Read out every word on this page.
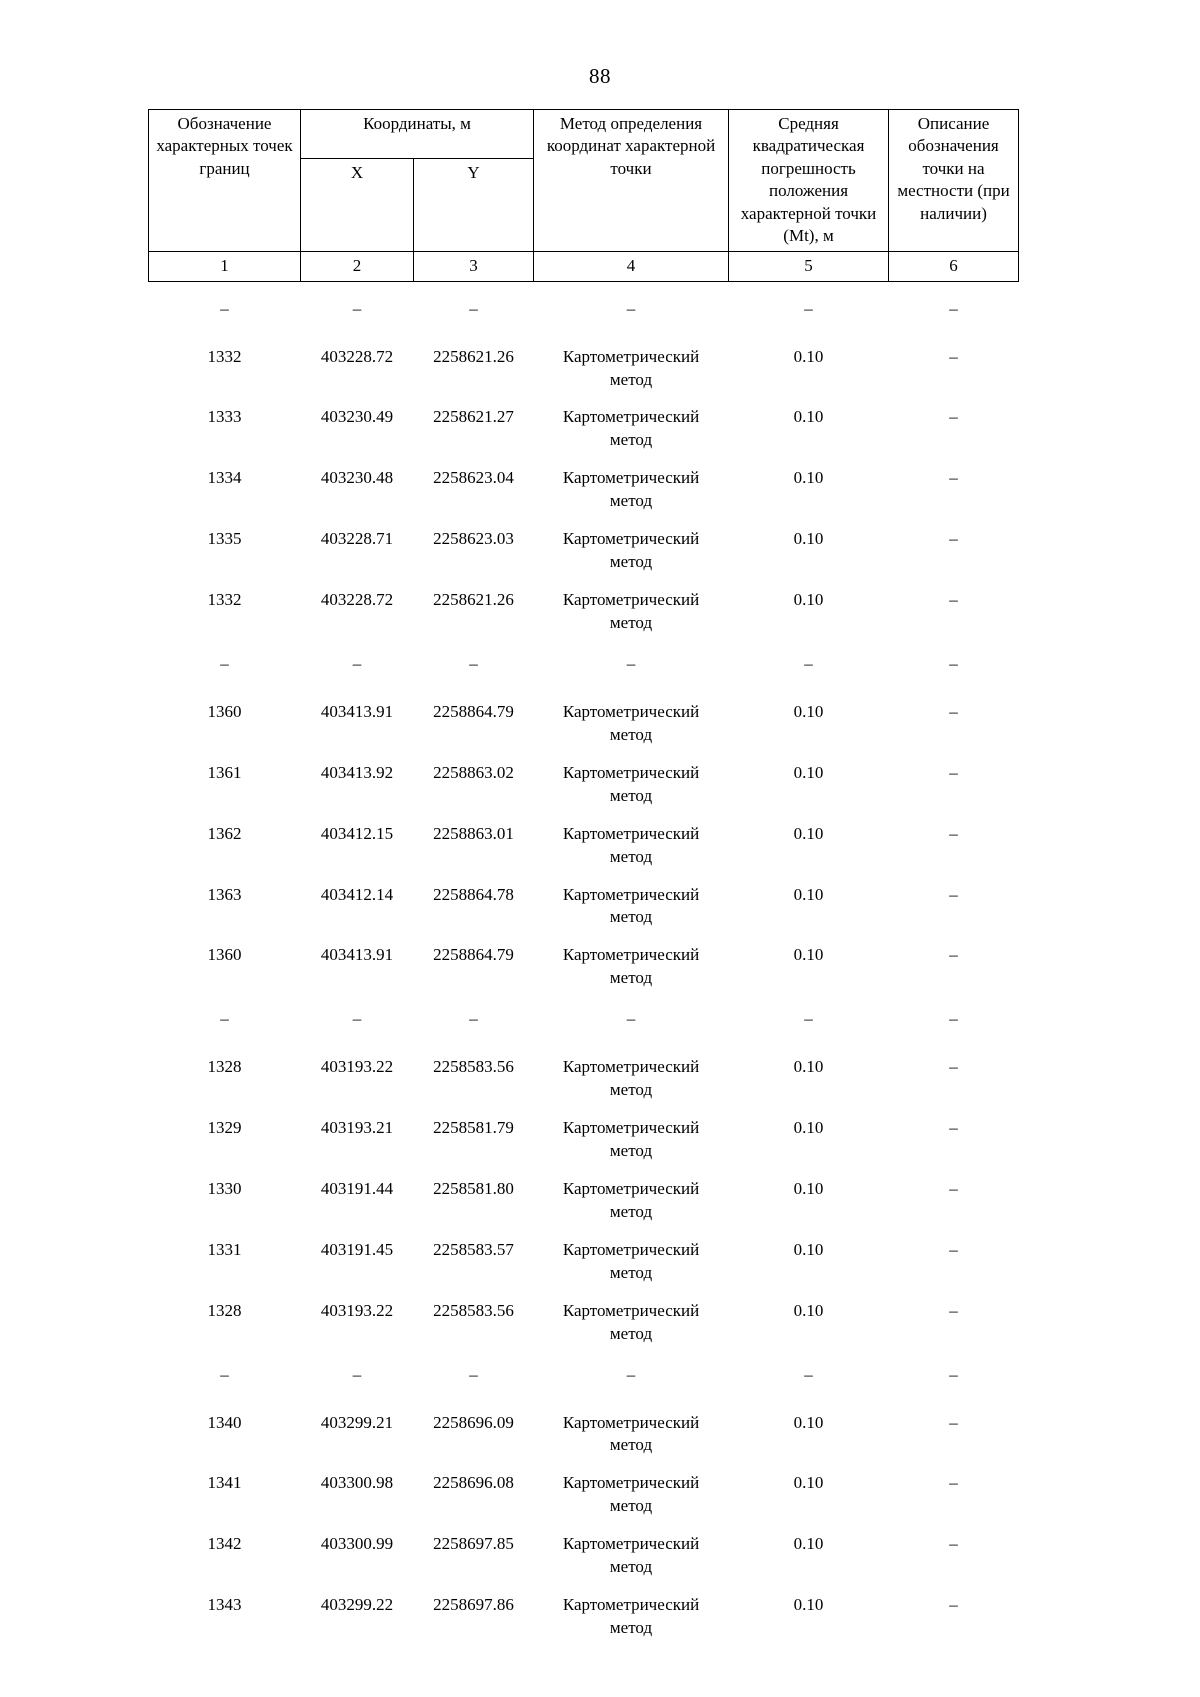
88
Обозначение характерных точек границ	Координаты, м		Метод определения координат характерной точки	Средняя квадратическая погрешность положения характерной точки (Mt), м	Описание обозначения точки на местности (при наличии)
	X	Y			
1	2	3	4	5	6
–	–	–	–	–	–
1332	403228.72	2258621.26	Картометрический метод	0.10	–
1333	403230.49	2258621.27	Картометрический метод	0.10	–
1334	403230.48	2258623.04	Картометрический метод	0.10	–
1335	403228.71	2258623.03	Картометрический метод	0.10	–
1332	403228.72	2258621.26	Картометрический метод	0.10	–
–	–	–	–	–	–
1360	403413.91	2258864.79	Картометрический метод	0.10	–
1361	403413.92	2258863.02	Картометрический метод	0.10	–
1362	403412.15	2258863.01	Картометрический метод	0.10	–
1363	403412.14	2258864.78	Картометрический метод	0.10	–
1360	403413.91	2258864.79	Картометрический метод	0.10	–
–	–	–	–	–	–
1328	403193.22	2258583.56	Картометрический метод	0.10	–
1329	403193.21	2258581.79	Картометрический метод	0.10	–
1330	403191.44	2258581.80	Картометрический метод	0.10	–
1331	403191.45	2258583.57	Картометрический метод	0.10	–
1328	403193.22	2258583.56	Картометрический метод	0.10	–
–	–	–	–	–	–
1340	403299.21	2258696.09	Картометрический метод	0.10	–
1341	403300.98	2258696.08	Картометрический метод	0.10	–
1342	403300.99	2258697.85	Картометрический метод	0.10	–
1343	403299.22	2258697.86	Картометрический метод	0.10	–
